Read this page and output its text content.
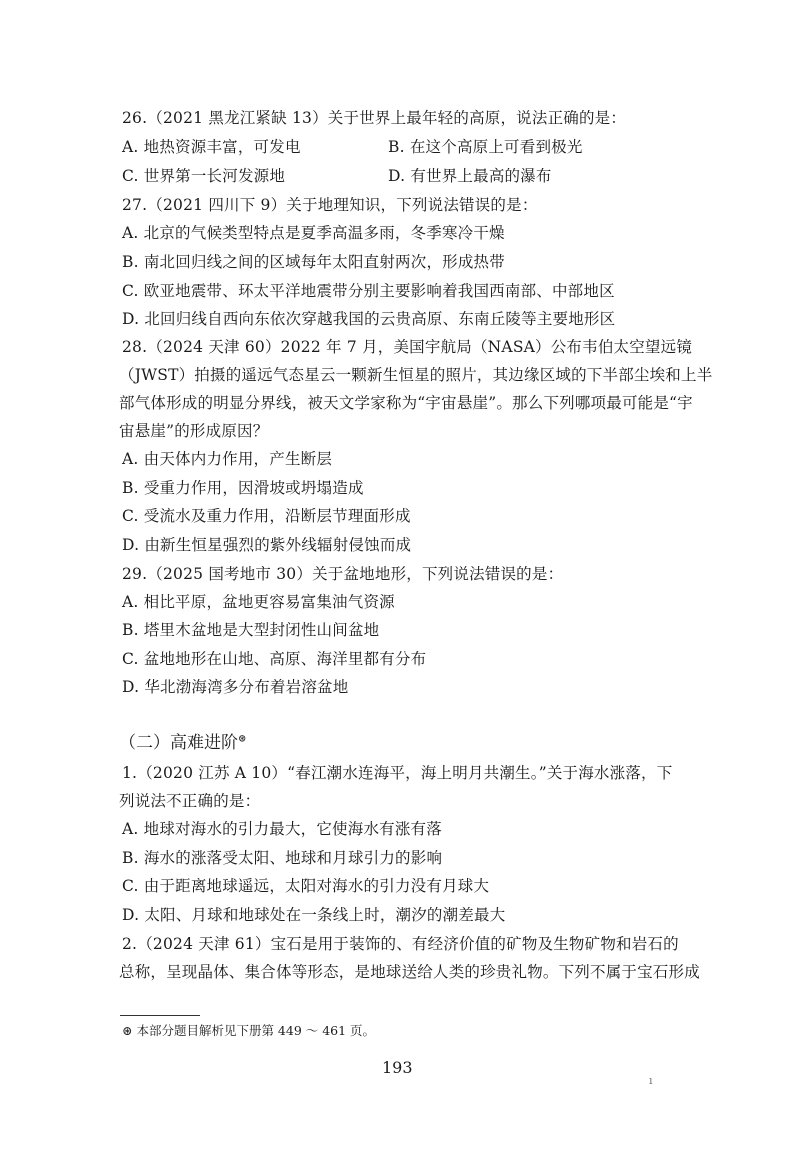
26.（2021 黑龙江紧缺 13）关于世界上最年轻的高原，说法正确的是：
A. 地热资源丰富，可发电	B. 在这个高原上可看到极光
C. 世界第一长河发源地	D. 有世界上最高的瀑布
27.（2021 四川下 9）关于地理知识，下列说法错误的是：
A. 北京的气候类型特点是夏季高温多雨，冬季寒冷干燥
B. 南北回归线之间的区域每年太阳直射两次，形成热带
C. 欧亚地震带、环太平洋地震带分别主要影响着我国西南部、中部地区
D. 北回归线自西向东依次穿越我国的云贵高原、东南丘陵等主要地形区
28.（2024 天津 60）2022 年 7 月，美国宇航局（NASA）公布韦伯太空望远镜
（JWST）拍摄的遥远气态星云一颗新生恒星的照片，其边缘区域的下半部尘埃和上半
部气体形成的明显分界线，被天文学家称为“宇宙悬崖”。那么下列哪项最可能是“宇
宙悬崖”的形成原因？
A. 由天体内力作用，产生断层
B. 受重力作用，因滑坡或坍塌造成
C. 受流水及重力作用，沿断层节理面形成
D. 由新生恒星强烈的紫外线辐射侵蚀而成
29.（2025 国考地市 30）关于盆地地形，下列说法错误的是：
A. 相比平原，盆地更容易富集油气资源
B. 塔里木盆地是大型封闭性山间盆地
C. 盆地地形在山地、高原、海洋里都有分布
D. 华北渤海湾多分布着岩溶盆地
（二）高难进阶⊛
1.（2020 江苏 A 10）“春江潮水连海平，海上明月共潮生。”关于海水涨落，下
列说法不正确的是：
A. 地球对海水的引力最大，它使海水有涨有落
B. 海水的涨落受太阳、地球和月球引力的影响
C. 由于距离地球遥远，太阳对海水的引力没有月球大
D. 太阳、月球和地球处在一条线上时，潮汐的潮差最大
2.（2024 天津 61）宝石是用于装饰的、有经济价值的矿物及生物矿物和岩石的
总称，呈现晶体、集合体等形态，是地球送给人类的珍贵礼物。下列不属于宝石形成
⊛ 本部分题目解析见下册第 449 ～ 461 页。
193
ı
